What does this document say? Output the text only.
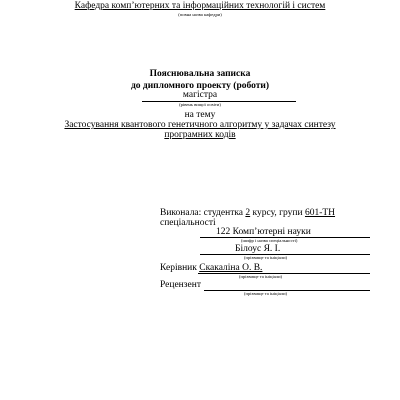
Кафедра комп’ютерних та інформаційних технологій і систем
(повна назва кафедри)
Пояснювальна записка
до дипломного проекту (роботи)
магістра
(рівень вищої освіти)
на тему
Застосування квантового генетичного алгоритму у задачах синтезу
програмних кодів
Виконала: студентка 2 курсу, групи 601-ТН
спеціальності
122 Комп’ютерні науки
(шифр і назва спеціальності)
Білоус Я. І.
(прізвище та ініціали)
Керівник Скакаліна О. В.
(прізвище та ініціали)
Рецензент
(прізвище та ініціали)
